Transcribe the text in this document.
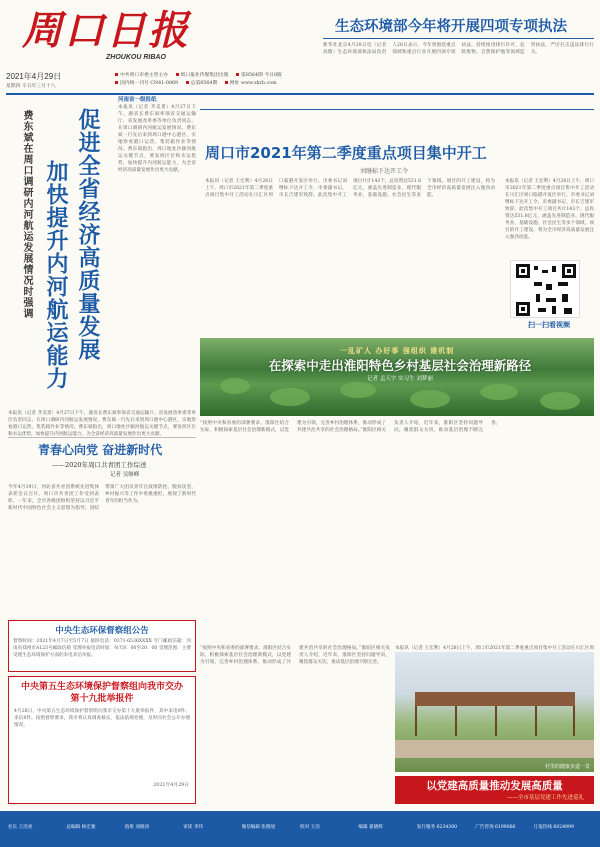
周口日报
ZHOUKOU RIBAO
2021年4月29日
星期四 辛丑年三月十八
中共周口市委主管主办	周口报业传媒集团出版	第8564期 今日8版
国内统一刊号 CN41-0069	总第8564期	网址 www.zkrb.com
河南省一级报纸
生态环境部今年将开展四项专项执法
新华社北京4月28日电（记者高敬）生态环境部执法局负责人28日表示，今年将围绕重点领域和重点行业开展四项专项执法，持续推进排污许可、危险废物、自然保护地等领域监管执法，严厉打击违法排污行为。
费东斌在周口调研内河航运发展情况时强调 促进全省经济高质量发展
加快提升内河航运能力
本报讯（记者 齐美景）4月27日下午，副省长费东斌率领省交通运输厅、省发展改革委等单位负责同志，在周口调研内河航运发展情况。费东斌一行先后来到周口港中心港区，实地察看港口运营、集装箱作业等情况。费东斌指出，周口地处沙颍河航运关键节点，要发挥区位和水运优势，加快提升内河航运能力，为全省经济高质量发展作出更大贡献。
本报讯（记者 齐美景）4月27日下午，副省长费东斌率领省交通运输厅、省发展改革委等单位负责同志，在周口调研内河航运发展情况。费东斌一行先后来到周口港中心港区，实地察看港口运营、集装箱作业等情况。费东斌指出，周口地处沙颍河航运关键节点，要发挥区位和水运优势，加快提升内河航运能力，为全省经济高质量发展作出更大贡献。
青春心向党 奋进新时代
——2020年周口共青团工作综述
记者 吴继峰
今年4月19日，河北省共青团系统先进集体表彰会议召开，周口市共青团工作受到表彰。一年来，全市各级团组织坚持以习近平新时代中国特色社会主义思想为指导，团结带领广大团员青年在疫情防控、脱贫攻坚、乡村振兴等工作中勇挑重担，展现了新时代青年的担当作为。
中央生态环保督察组公告
督察时间：2021年4月7日至5月7日 值班电话：0371-6536XXXX 专门邮政信箱：河南省郑州市A123号邮政信箱 受理举报电话时间：每天8：00至20：00 受理范围：主要受理生态环境保护方面的来电来信举报。
中央第五生态环境保护督察组向我市交办第十九批举报件
4月28日，中央第五生态环境保护督察组向我市交办第十九批举报件，其中来电9件、来信8件。按照督察要求，我市将认真调查核实，依法依规处理，及时向社会公开办理情况。
2021年4月29日
周口市2021年第二季度重点项目集中开工
刘继标下达开工令
本报讯（记者 王宏利）4月28日上午，周口市2021年第二季度重点项目集中开工活动在川汇区周口临港开发区举行。市委书记刘继标下达开工令，市委副书记、市长吉建军致辞。此次集中开工项目共计143个，总投资达531.8亿元，涵盖先进制造业、现代服务业、基础设施、社会民生等多个领域。项目的开工建设，将为全市经济高质量发展注入强劲动能。
扫一扫看视频
本报讯（记者 王宏利）4月28日上午，周口市2021年第二季度重点项目集中开工活动在川汇区周口临港开发区举行。市委书记刘继标下达开工令，市委副书记、市长吉建军致辞。此次集中开工项目共计143个，总投资达531.8亿元，涵盖先进制造业、现代服务业、基础设施、社会民生等多个领域。项目的开工建设，将为全市经济高质量发展注入强劲动能。
一乱矿人 办好事 强组织 建机制
在探索中走出淮阳特色乡村基层社会治理新路径
记者 孟天宇 实习生 刘梦丽
“按照中央和省委的部署要求，淮阳区结合实际，积极探索基层社会治理新模式，以党建为引领，完善乡村治理体系，推动形成了共建共治共享的社会治理格局。”淮阳区相关负责人介绍，近年来，淮阳区坚持问题导向，聚焦群众关切，推动基层治理不断完善。
“按照中央和省委的部署要求，淮阳区结合实际，积极探索基层社会治理新模式，以党建为引领，完善乡村治理体系，推动形成了共建共治共享的社会治理格局。”淮阳区相关负责人介绍，近年来，淮阳区坚持问题导向，聚焦群众关切，推动基层治理不断完善。
本报讯（记者 王宏利）4月28日上午，周口市2021年第二季度重点项目集中开工活动在川汇区周
村里的健康步道一景
以党建高质量推动发展高质量
——全市基层党建工作先进巡礼
社长 王浩亮	总编辑 杨宏强	值班 刘晓涛	审读 李伟	微信编辑 张晓旭	校对 王浩	编辑 翟晓辉	发行服务 6234300	广告咨询 6199066	订报热线 6024999
